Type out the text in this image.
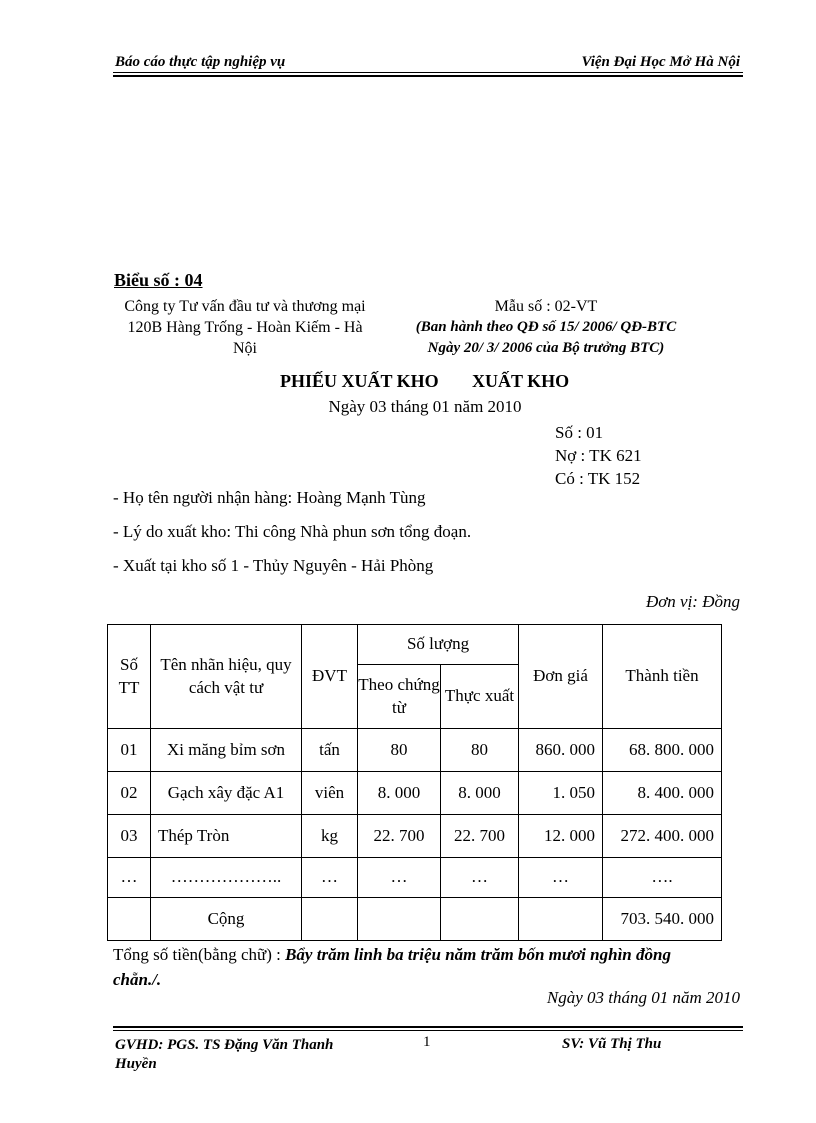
Báo cáo thực tập nghiệp vụ	Viện Đại Học Mở Hà Nội
Biểu số : 04
Công ty Tư vấn đầu tư và thương mại
120B Hàng Trống - Hoàn Kiếm - Hà
Nội
Mẫu số : 02-VT
(Ban hành theo QĐ số 15/ 2006/ QĐ-BTC
Ngày 20/ 3/ 2006 của Bộ trưởng BTC)
PHIẾU XUẤT KHO XUẤT KHO
Ngày 03 tháng 01 năm 2010
Số : 01
Nợ : TK 621
Có : TK 152
- Họ tên người nhận hàng: Hoàng Mạnh Tùng
- Lý do xuất kho: Thi công Nhà phun sơn tổng đoạn.
- Xuất tại kho số 1 - Thủy Nguyên - Hải Phòng
Đơn vị: Đồng
Số TT	Tên nhãn hiệu, quy cách vật tư	ĐVT	Số lượng		Đơn giá	Thành tiền
			Theo chứng từ	Thực xuất		
01	Xi măng bỉm sơn	tấn	80	80	860. 000	68. 800. 000
02	Gạch xây đặc A1	viên	8. 000	8. 000	1. 050	8. 400. 000
03	Thép Tròn	kg	22. 700	22. 700	12. 000	272. 400. 000
…	………………..	…	…	…	…	….
	Cộng					703. 540. 000
Tổng số tiền(bằng chữ) : Bẩy trăm linh ba triệu năm trăm bốn mươi nghìn đồng
chẵn./.
Ngày 03 tháng 01 năm 2010
GVHD: PGS. TS Đặng Văn Thanh
Huyền
1	SV: Vũ Thị Thu
